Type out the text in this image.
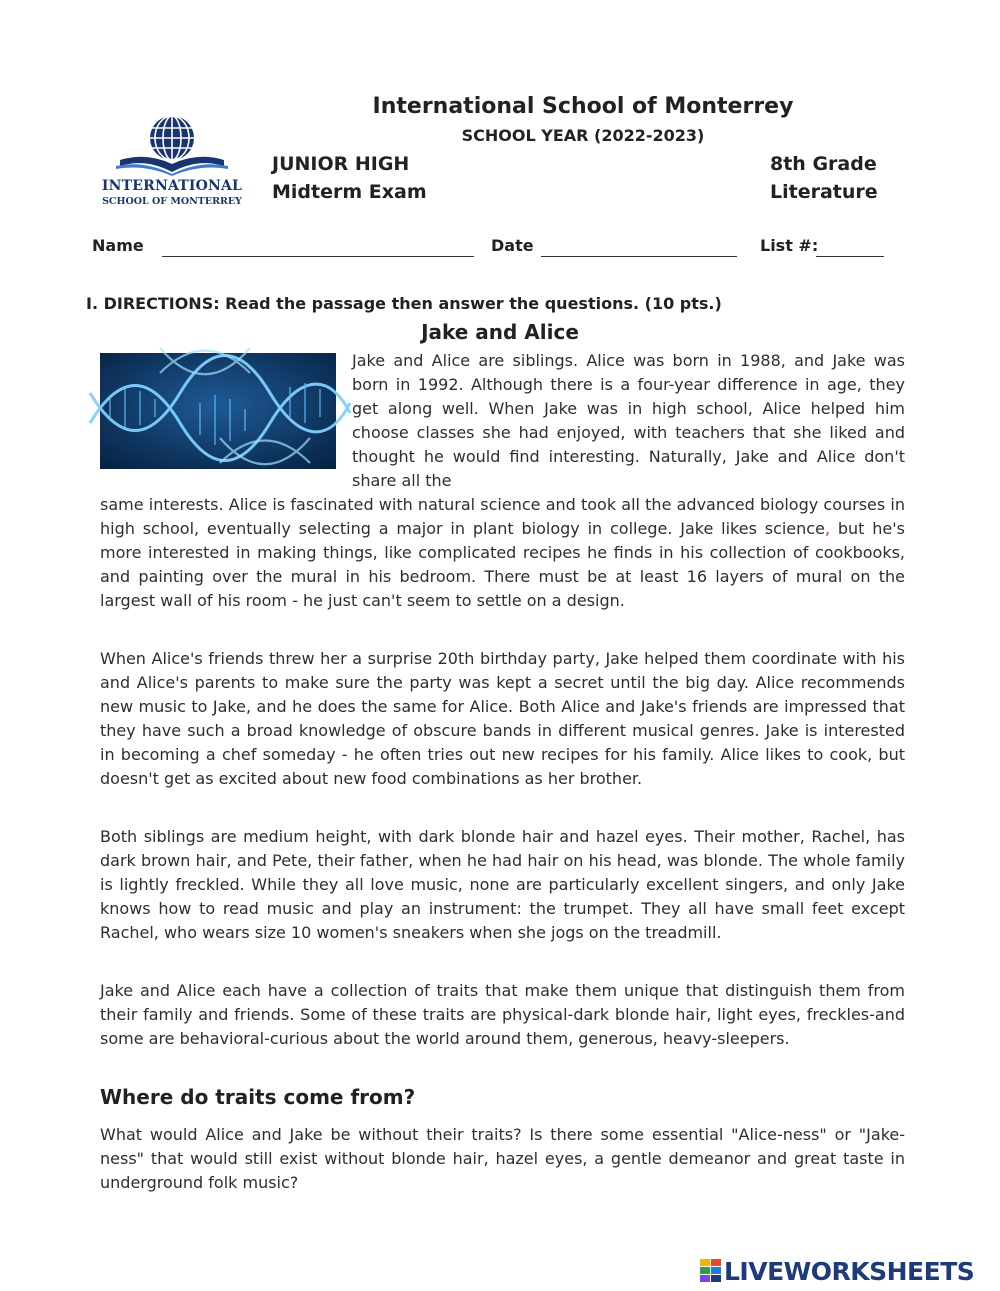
INTERNATIONAL
SCHOOL OF MONTERREY
International School of Monterrey
SCHOOL YEAR (2022-2023)
JUNIOR HIGH
Midterm Exam
8th Grade
Literature
Name	Date	List #:
I. DIRECTIONS: Read the passage then answer the questions. (10 pts.)
Jake and Alice
Jake and Alice are siblings. Alice was born in 1988, and Jake was born in 1992. Although there is a four-year difference in age, they get along well. When Jake was in high school, Alice helped him choose classes she had enjoyed, with teachers that she liked and thought he would find interesting. Naturally, Jake and Alice don't share all the
same interests. Alice is fascinated with natural science and took all the advanced biology courses in high school, eventually selecting a major in plant biology in college. Jake likes science, but he's more interested in making things, like complicated recipes he finds in his collection of cookbooks, and painting over the mural in his bedroom. There must be at least 16 layers of mural on the largest wall of his room - he just can't seem to settle on a design.
When Alice's friends threw her a surprise 20th birthday party, Jake helped them coordinate with his and Alice's parents to make sure the party was kept a secret until the big day. Alice recommends new music to Jake, and he does the same for Alice. Both Alice and Jake's friends are impressed that they have such a broad knowledge of obscure bands in different musical genres. Jake is interested in becoming a chef someday - he often tries out new recipes for his family. Alice likes to cook, but doesn't get as excited about new food combinations as her brother.
Both siblings are medium height, with dark blonde hair and hazel eyes. Their mother, Rachel, has dark brown hair, and Pete, their father, when he had hair on his head, was blonde. The whole family is lightly freckled. While they all love music, none are particularly excellent singers, and only Jake knows how to read music and play an instrument: the trumpet. They all have small feet except Rachel, who wears size 10 women's sneakers when she jogs on the treadmill.
Jake and Alice each have a collection of traits that make them unique that distinguish them from their family and friends. Some of these traits are physical-dark blonde hair, light eyes, freckles-and some are behavioral-curious about the world around them, generous, heavy-sleepers.
Where do traits come from?
What would Alice and Jake be without their traits? Is there some essential "Alice-ness" or "Jake-ness" that would still exist without blonde hair, hazel eyes, a gentle demeanor and great taste in underground folk music?
LIVEWORKSHEETS
